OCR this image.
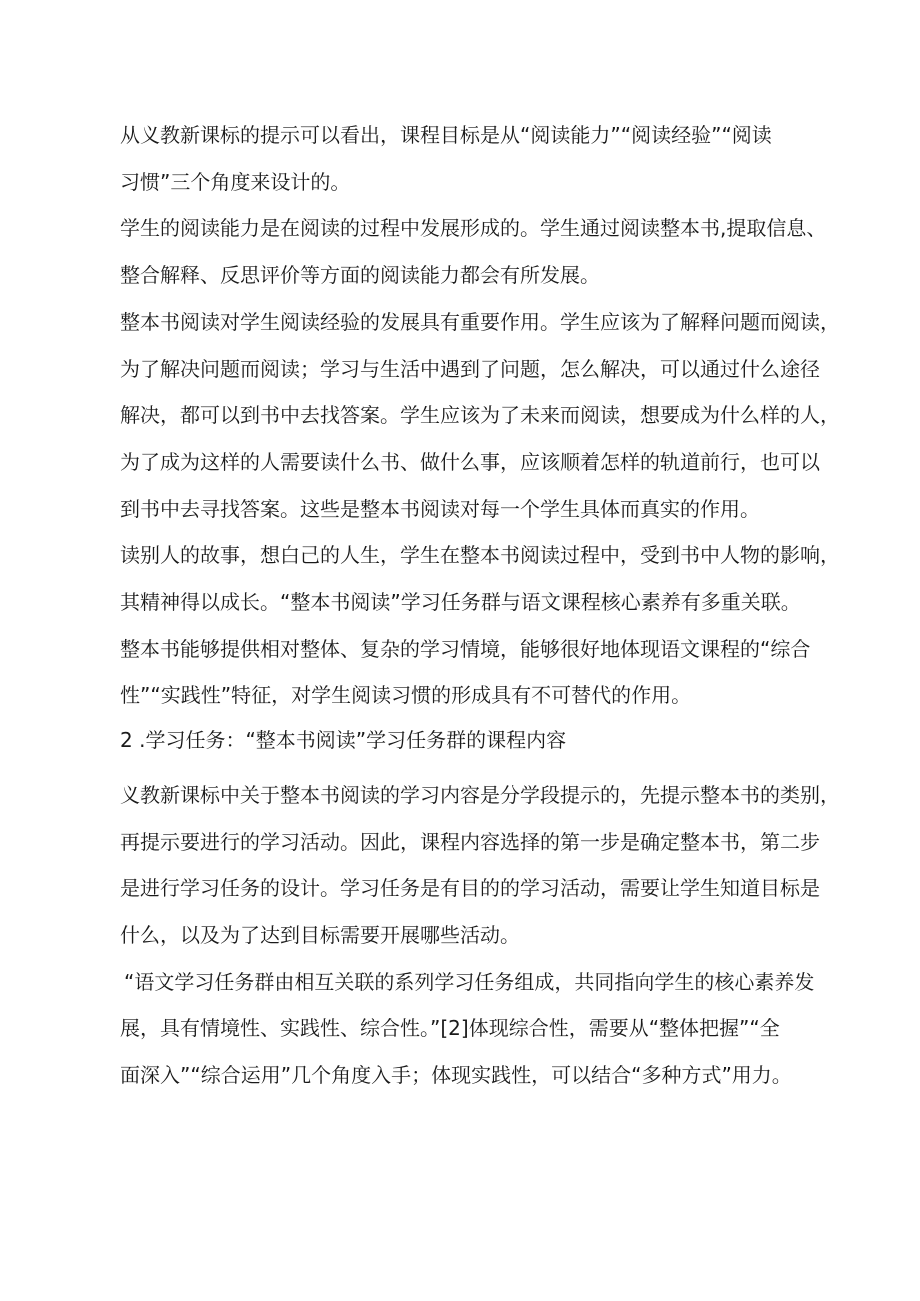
从义教新课标的提示可以看出，课程目标是从“阅读能力”“阅读经验”“阅读
习惯”三个角度来设计的。
学生的阅读能力是在阅读的过程中发展形成的。学生通过阅读整本书,提取信息、
整合解释、反思评价等方面的阅读能力都会有所发展。
整本书阅读对学生阅读经验的发展具有重要作用。学生应该为了解释问题而阅读，
为了解决问题而阅读；学习与生活中遇到了问题，怎么解决，可以通过什么途径
解决，都可以到书中去找答案。学生应该为了未来而阅读，想要成为什么样的人，
为了成为这样的人需要读什么书、做什么事，应该顺着怎样的轨道前行，也可以
到书中去寻找答案。这些是整本书阅读对每一个学生具体而真实的作用。
读别人的故事，想白己的人生，学生在整本书阅读过程中，受到书中人物的影响，
其精神得以成长。“整本书阅读”学习任务群与语文课程核心素养有多重关联。
整本书能够提供相对整体、复杂的学习情境，能够很好地体现语文课程的“综合
性”“实践性”特征，对学生阅读习惯的形成具有不可替代的作用。
2 .学习任务：“整本书阅读”学习任务群的课程内容
义教新课标中关于整本书阅读的学习内容是分学段提示的，先提示整本书的类别，
再提示要进行的学习活动。因此，课程内容选择的第一步是确定整本书，第二步
是进行学习任务的设计。学习任务是有目的的学习活动，需要让学生知道目标是
什么，以及为了达到目标需要开展哪些活动。
“语文学习任务群由相互关联的系列学习任务组成，共同指向学生的核心素养发
展，具有情境性、实践性、综合性。”[2]体现综合性，需要从“整体把握”“全
面深入”“综合运用”几个角度入手；体现实践性，可以结合“多种方式”用力。
